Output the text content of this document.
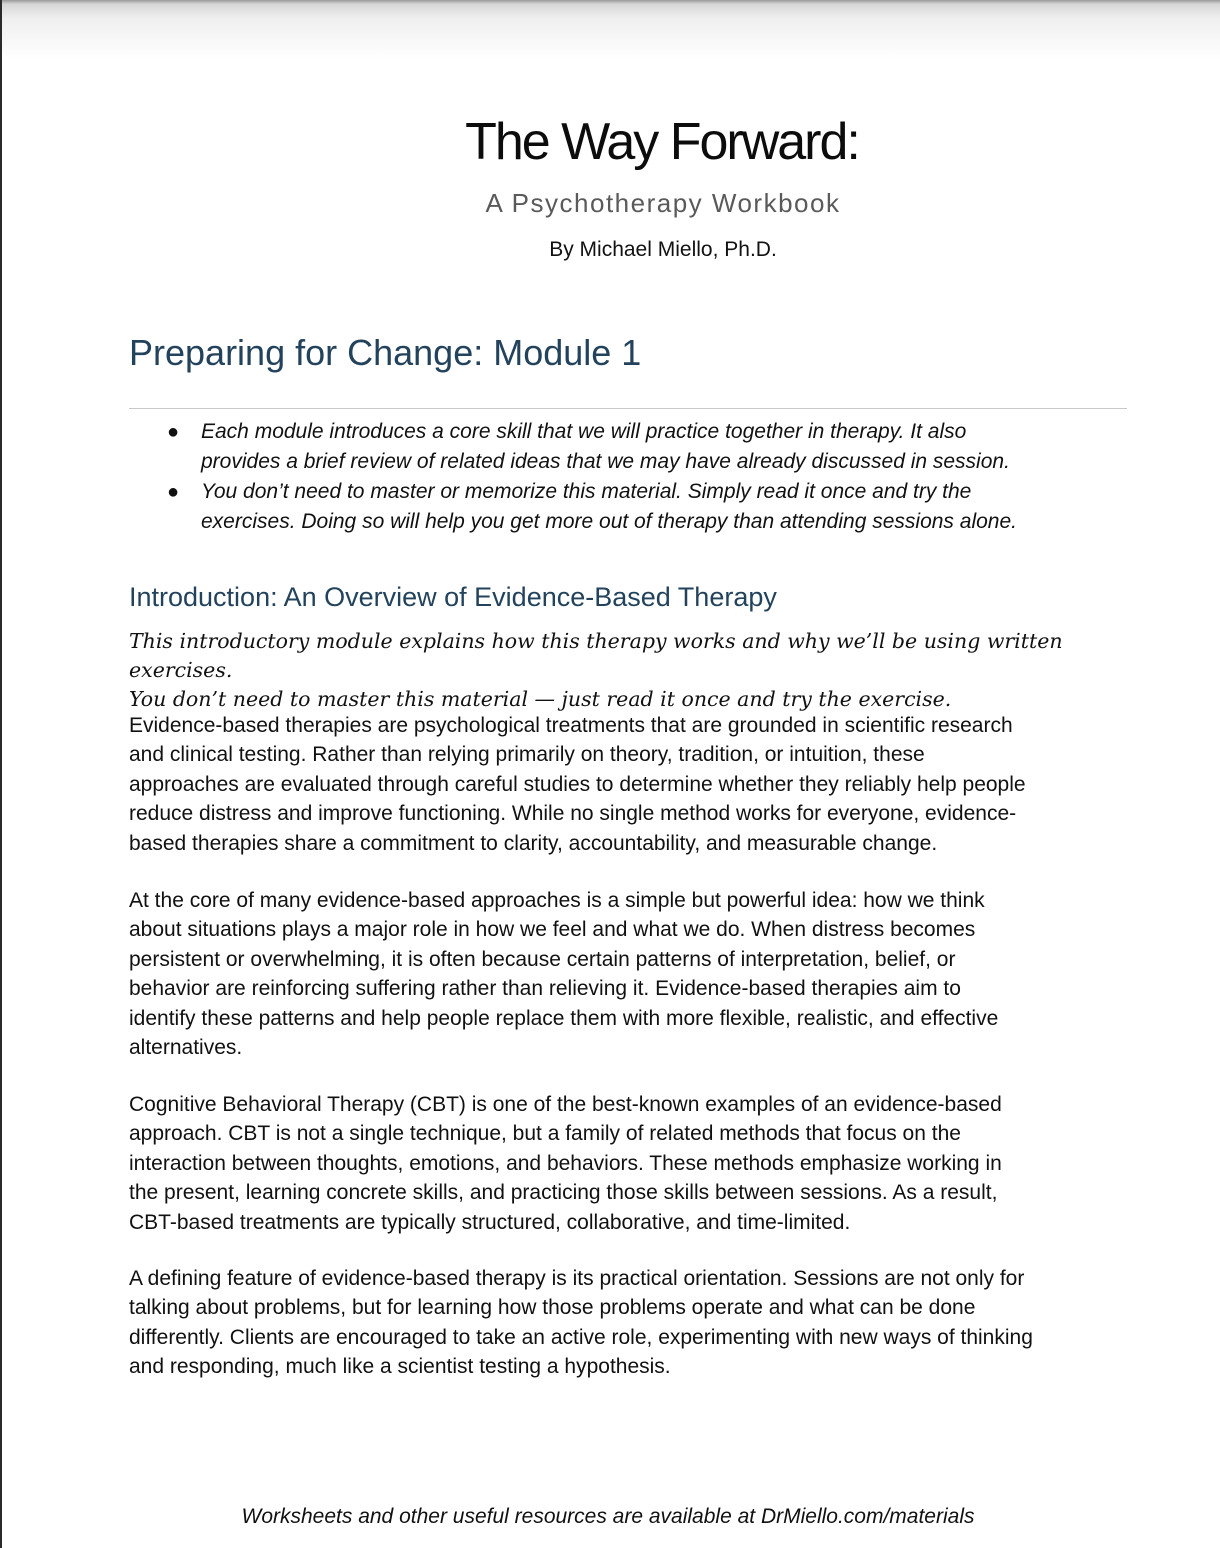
The Way Forward:
A Psychotherapy Workbook
By Michael Miello, Ph.D.
Preparing for Change: Module 1
● Each module introduces a core skill that we will practice together in therapy. It also
provides a brief review of related ideas that we may have already discussed in session.
● You don’t need to master or memorize this material. Simply read it once and try the
exercises. Doing so will help you get more out of therapy than attending sessions alone.
Introduction: An Overview of Evidence-Based Therapy

This introductory module explains how this therapy works and why we’ll be using written exercises.
You don’t need to master this material — just read it once and try the exercise.

Evidence-based therapies are psychological treatments that are grounded in scientific research
and clinical testing. Rather than relying primarily on theory, tradition, or intuition, these
approaches are evaluated through careful studies to determine whether they reliably help people
reduce distress and improve functioning. While no single method works for everyone, evidence-
based therapies share a commitment to clarity, accountability, and measurable change.

At the core of many evidence-based approaches is a simple but powerful idea: how we think
about situations plays a major role in how we feel and what we do. When distress becomes
persistent or overwhelming, it is often because certain patterns of interpretation, belief, or
behavior are reinforcing suffering rather than relieving it. Evidence-based therapies aim to
identify these patterns and help people replace them with more flexible, realistic, and effective
alternatives.

Cognitive Behavioral Therapy (CBT) is one of the best-known examples of an evidence-based
approach. CBT is not a single technique, but a family of related methods that focus on the
interaction between thoughts, emotions, and behaviors. These methods emphasize working in
the present, learning concrete skills, and practicing those skills between sessions. As a result,
CBT-based treatments are typically structured, collaborative, and time-limited.

A defining feature of evidence-based therapy is its practical orientation. Sessions are not only for
talking about problems, but for learning how those problems operate and what can be done
differently. Clients are encouraged to take an active role, experimenting with new ways of thinking
and responding, much like a scientist testing a hypothesis.

Worksheets and other useful resources are available at DrMiello.com/materials
